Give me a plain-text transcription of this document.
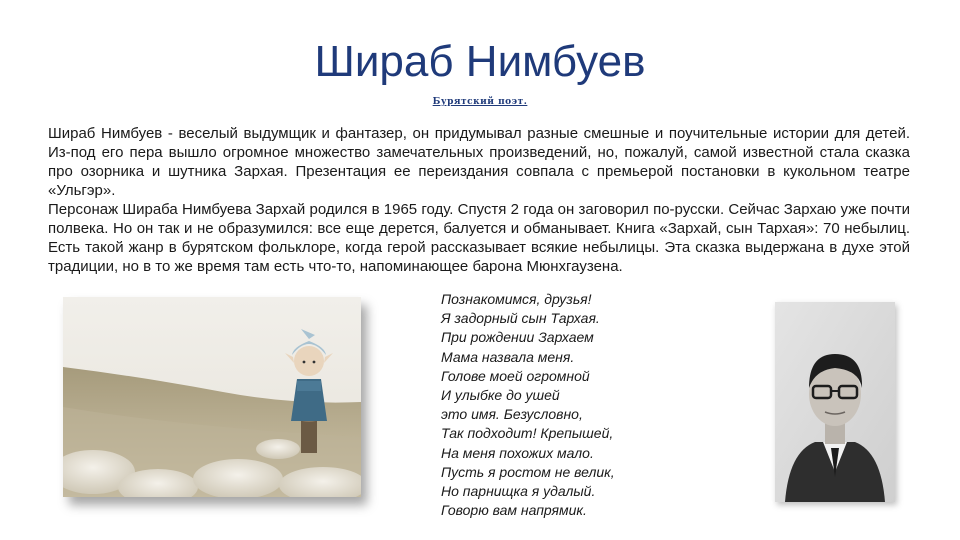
Шираб Нимбуев
Бурятский поэт.

Шираб Нимбуев - веселый выдумщик и фантазер, он придумывал разные смешные и поучительные истории для детей. Из-под его пера вышло огромное множество замечательных произведений, но, пожалуй, самой известной стала сказка про озорника и шутника Зархая. Презентация ее переиздания совпала с премьерой постановки в кукольном театре «Ульгэр».

Персонаж Шираба Нимбуева Зархай родился в 1965 году. Спустя 2 года он заговорил по-русски. Сейчас Зархаю уже почти полвека. Но он так и не образумился: все еще дерется, балуется и обманывает. Книга «Зархай, сын Тархая»: 70 небылиц. Есть такой жанр в бурятском фольклоре, когда герой рассказывает всякие небылицы. Эта сказка выдержана в духе этой традиции, но в то же время там есть что-то, напоминающее барона Мюнхгаузена.

Познакомимся, друзья!
Я задорный сын Тархая.
При рождении Зархаем
Мама назвала меня.
Голове моей огромной
И улыбке до ушей
это имя. Безусловно,
Так подходит! Крепышей,
На меня похожих мало.
Пусть я ростом не велик,
Но парнищка я удалый.
Говорю вам напрямик.
